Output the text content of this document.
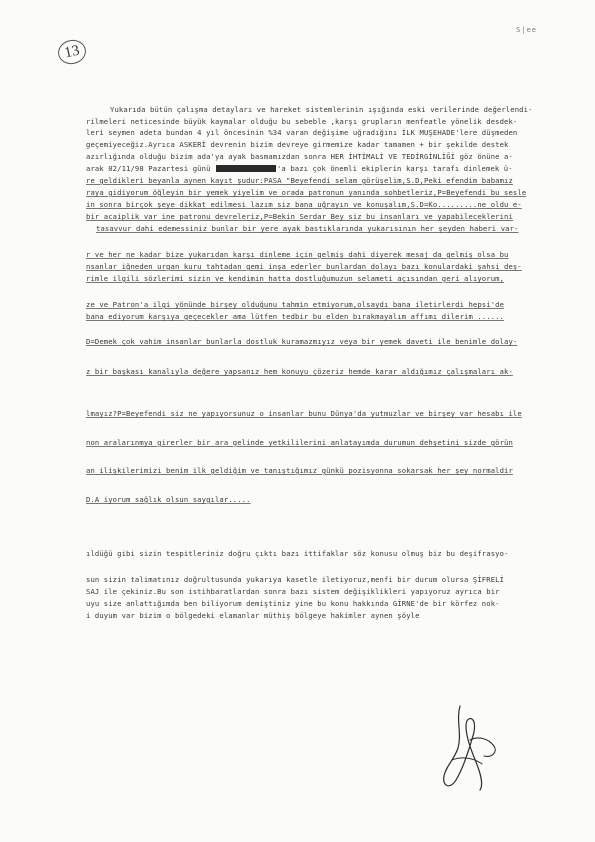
S|ee
13
Yukarıda bütün çalışma detayları ve hareket sistemlerinin ışığında eski verilerinde değerlendi-
rilmeleri neticesinde büyük kaymalar olduğu bu sebeble ,karşı grupların menfeatle yönelik desdek-
leri seymen adeta bundan 4 yıl öncesinin %34 varan değişime uğradığını İLK MUŞEHADE'lere düşmeden
geçemiyeceğiz.Ayrıca ASKERİ devrenin bizim devreye girmemize kadar tamamen + bir şekilde destek
azırlığında olduğu bizim ada'ya ayak basmamızdan sonra HER İHTİMALİ VE TEDİRGİNLİĞİ göz önüne a-
arak 02/11/98 Pazartesi günü	'a bazı çok önemli ekiplerin karşı tarafı dinlemek ü-
re geldikleri beyanla aynen kayıt şudur:PASA "Beyefendi selam görüşelim,S.D,Peki efendim babamız
raya gidiyorum öğleyin bir yemek yiyelim ve orada patronun yanında sohbetleriz,P=Beyefendi bu sesle
in sonra birçok şeye dikkat edilmesi lazım siz bana uğrayın ve konuşalım,S.D=Ko.........ne oldu e-
bir acaiplik var ine patronu devreleriz,P=Bekin Serdar Bey siz bu insanları ve yapabileceklerini
tasavvur dahi edemessiniz bunlar bir yere ayak bastıklarında yukarısının her şeyden haberi var-
r ve her ne kadar bize yukarıdan karşı dinleme için gelmiş dahi diyerek mesaj da gelmiş olsa bu
nsanlar iğneden urgan kuru tahtadan gemi inşa ederler bunlardan dolayı bazı konulardaki şahsi deş-
rimle ilgili sözlerimi sizin ve kendimin hatta dostluğumuzun selameti açısından geri alıyorum,
ze ve Patron'a ilgi yönünde birşey olduğunu tahmin etmiyorum,olsaydı bana iletirlerdi hepsi'de
bana ediyorum karşıya geçecekler ama lütfen tedbir bu elden bırakmayalım affımı dilerim ......
D=Demek çok vahim insanlar bunlarla dostluk kuramazmıyız veya bir yemek daveti ile benimle dolay-
z bir başkası kanalıyla değere yapsanız hem konuyu çözeriz hemde karar aldığımız çalışmaları ak-
lmayız?P=Beyefendi siz ne yapıyorsunuz o insanlar bunu Dünya'da yutmuzlar ve birşey var hesabı ile
non aralarınmya girerler bir ara gelinde yetkililerini anlatayımda durumun dehşetini sizde görün
an ilişkilerimizi benim ilk geldiğim ve tanıştığımız günkü pozisyonna sokarsak her şey normaldir
D.A iyorum sağlık olsun saygılar.....
ıldüğü gibi sizin tespitleriniz doğru çıktı bazı ittifaklar söz konusu olmuş biz bu deşifrasyo-
sun sizin talimatınız doğrultusunda yukarıya kasetle iletiyoruz,menfi bir durum olursa ŞİFRELİ
SAJ ile çekiniz.Bu son istihbaratlardan sonra bazı sistem değişiklikleri yapıyoruz ayrıca bir
uyu size anlattığımda ben biliyorum demiştiniz yine bu konu hakkında GİRNE'de bir körfez nok-
i duyum var bizim o bölgedeki elamanlar müthiş bölgeye hakimler aynen şöyle
